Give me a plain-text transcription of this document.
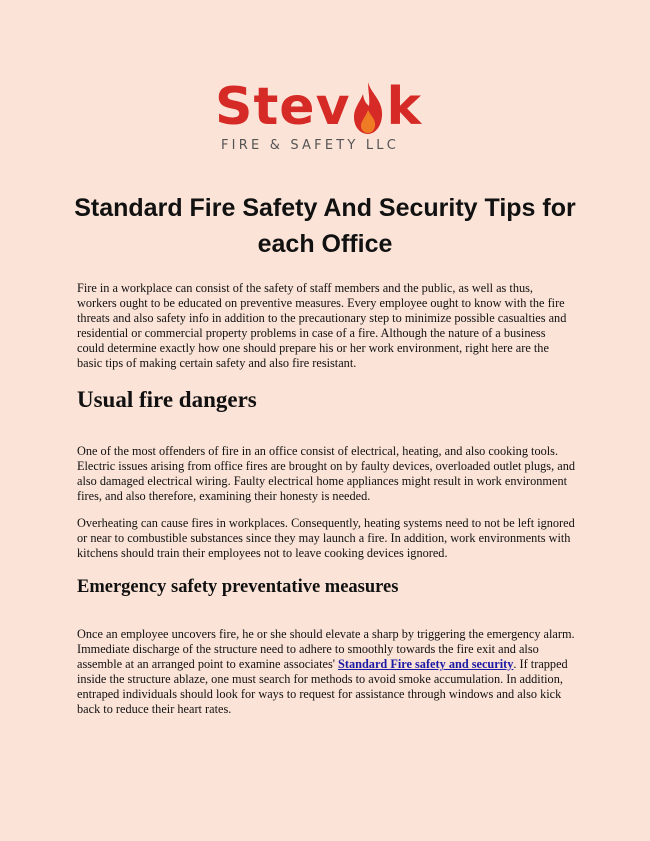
Stev k
FIRE & SAFETY LLC
Standard Fire Safety And Security Tips for each Office

Fire in a workplace can consist of the safety of staff members and the public, as well as thus, workers ought to be educated on preventive measures. Every employee ought to know with the fire threats and also safety info in addition to the precautionary step to minimize possible casualties and residential or commercial property problems in case of a fire. Although the nature of a business could determine exactly how one should prepare his or her work environment, right here are the basic tips of making certain safety and also fire resistant.

Usual fire dangers

One of the most offenders of fire in an office consist of electrical, heating, and also cooking tools. Electric issues arising from office fires are brought on by faulty devices, overloaded outlet plugs, and also damaged electrical wiring. Faulty electrical home appliances might result in work environment fires, and also therefore, examining their honesty is needed.

Overheating can cause fires in workplaces. Consequently, heating systems need to not be left ignored or near to combustible substances since they may launch a fire. In addition, work environments with kitchens should train their employees not to leave cooking devices ignored.

Emergency safety preventative measures

Once an employee uncovers fire, he or she should elevate a sharp by triggering the emergency alarm. Immediate discharge of the structure need to adhere to smoothly towards the fire exit and also assemble at an arranged point to examine associates' Standard Fire safety and security. If trapped inside the structure ablaze, one must search for methods to avoid smoke accumulation. In addition, entraped individuals should look for ways to request for assistance through windows and also kick back to reduce their heart rates.
